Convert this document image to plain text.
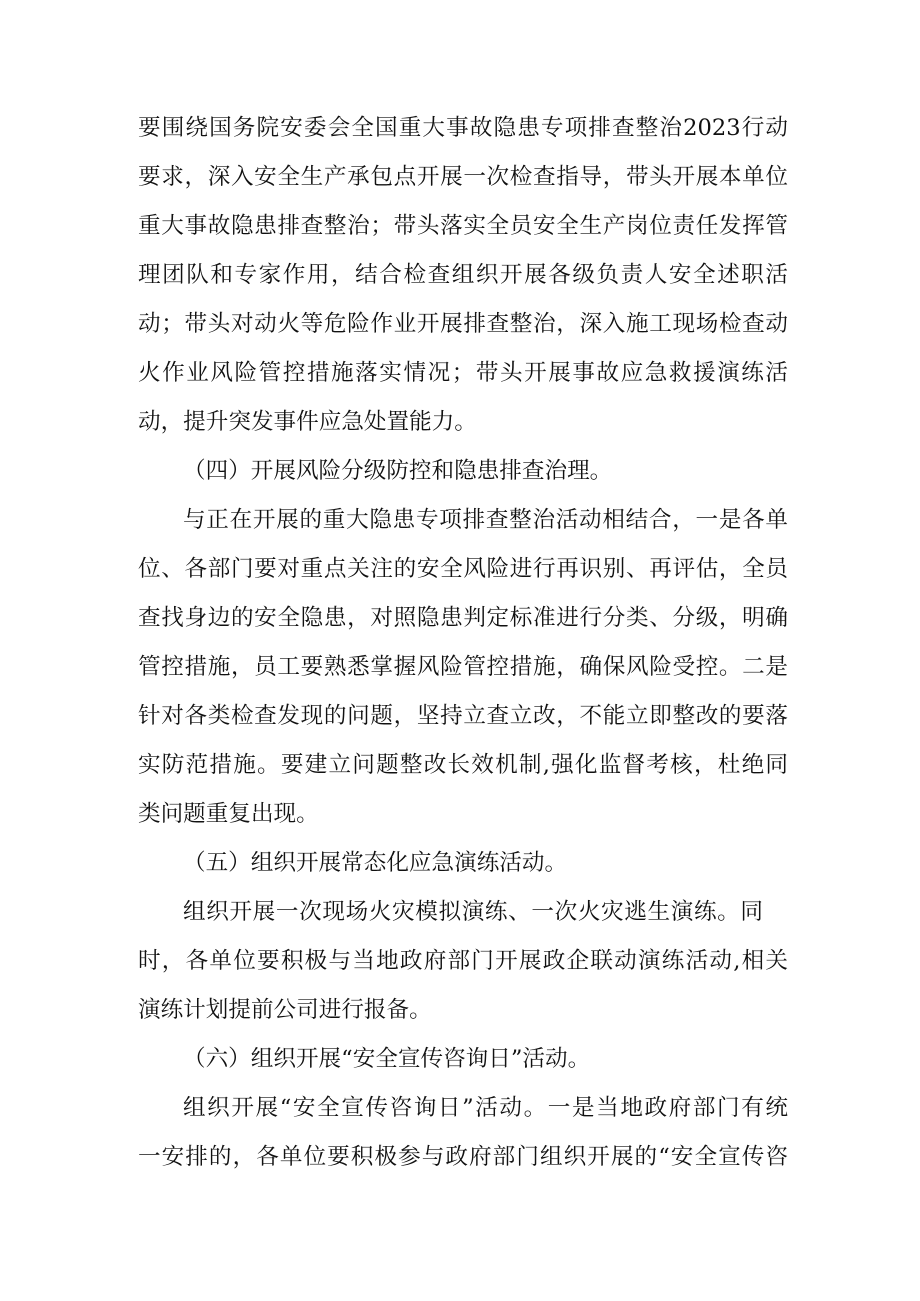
要围绕国务院安委会全国重大事故隐患专项排查整治2023行动
要求，深入安全生产承包点开展一次检查指导，带头开展本单位
重大事故隐患排查整治；带头落实全员安全生产岗位责任发挥管
理团队和专家作用，结合检查组织开展各级负责人安全述职活
动；带头对动火等危险作业开展排查整治，深入施工现场检查动
火作业风险管控措施落实情况；带头开展事故应急救援演练活
动，提升突发事件应急处置能力。
（四）开展风险分级防控和隐患排查治理。
与正在开展的重大隐患专项排查整治活动相结合，一是各单
位、各部门要对重点关注的安全风险进行再识别、再评估，全员
查找身边的安全隐患，对照隐患判定标准进行分类、分级，明确
管控措施，员工要熟悉掌握风险管控措施，确保风险受控。二是
针对各类检查发现的问题，坚持立查立改，不能立即整改的要落
实防范措施。要建立问题整改长效机制,强化监督考核，杜绝同
类问题重复出现。
（五）组织开展常态化应急演练活动。
组织开展一次现场火灾模拟演练、一次火灾逃生演练。同
时，各单位要积极与当地政府部门开展政企联动演练活动,相关
演练计划提前公司进行报备。
（六）组织开展“安全宣传咨询日”活动。
组织开展“安全宣传咨询日”活动。一是当地政府部门有统
一安排的，各单位要积极参与政府部门组织开展的“安全宣传咨
